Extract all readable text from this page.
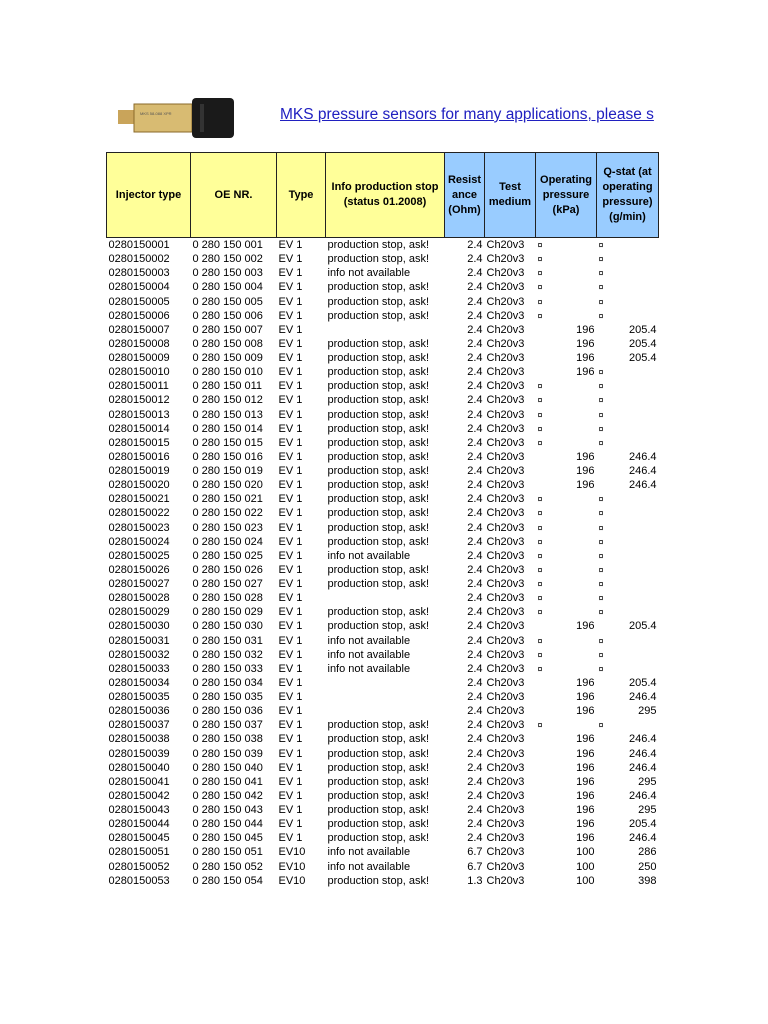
MKS 58-088 XPR	MKS pressure sensors for many applications, please s
Injector type	OE NR.	Type	Info production stop (status 01.2008)	Resist ance (Ohm)	Test medium	Operating pressure (kPa)	Q-stat (at operating pressure) (g/min)
0280150001	0 280 150 001	EV 1	production stop, ask!	2.4	Ch20v3	¤	¤
0280150002	0 280 150 002	EV 1	production stop, ask!	2.4	Ch20v3	¤	¤
0280150003	0 280 150 003	EV 1	info not available	2.4	Ch20v3	¤	¤
0280150004	0 280 150 004	EV 1	production stop, ask!	2.4	Ch20v3	¤	¤
0280150005	0 280 150 005	EV 1	production stop, ask!	2.4	Ch20v3	¤	¤
0280150006	0 280 150 006	EV 1	production stop, ask!	2.4	Ch20v3	¤	¤
0280150007	0 280 150 007	EV 1		2.4	Ch20v3	196	205.4
0280150008	0 280 150 008	EV 1	production stop, ask!	2.4	Ch20v3	196	205.4
0280150009	0 280 150 009	EV 1	production stop, ask!	2.4	Ch20v3	196	205.4
0280150010	0 280 150 010	EV 1	production stop, ask!	2.4	Ch20v3	196	¤
0280150011	0 280 150 011	EV 1	production stop, ask!	2.4	Ch20v3	¤	¤
0280150012	0 280 150 012	EV 1	production stop, ask!	2.4	Ch20v3	¤	¤
0280150013	0 280 150 013	EV 1	production stop, ask!	2.4	Ch20v3	¤	¤
0280150014	0 280 150 014	EV 1	production stop, ask!	2.4	Ch20v3	¤	¤
0280150015	0 280 150 015	EV 1	production stop, ask!	2.4	Ch20v3	¤	¤
0280150016	0 280 150 016	EV 1	production stop, ask!	2.4	Ch20v3	196	246.4
0280150019	0 280 150 019	EV 1	production stop, ask!	2.4	Ch20v3	196	246.4
0280150020	0 280 150 020	EV 1	production stop, ask!	2.4	Ch20v3	196	246.4
0280150021	0 280 150 021	EV 1	production stop, ask!	2.4	Ch20v3	¤	¤
0280150022	0 280 150 022	EV 1	production stop, ask!	2.4	Ch20v3	¤	¤
0280150023	0 280 150 023	EV 1	production stop, ask!	2.4	Ch20v3	¤	¤
0280150024	0 280 150 024	EV 1	production stop, ask!	2.4	Ch20v3	¤	¤
0280150025	0 280 150 025	EV 1	info not available	2.4	Ch20v3	¤	¤
0280150026	0 280 150 026	EV 1	production stop, ask!	2.4	Ch20v3	¤	¤
0280150027	0 280 150 027	EV 1	production stop, ask!	2.4	Ch20v3	¤	¤
0280150028	0 280 150 028	EV 1		2.4	Ch20v3	¤	¤
0280150029	0 280 150 029	EV 1	production stop, ask!	2.4	Ch20v3	¤	¤
0280150030	0 280 150 030	EV 1	production stop, ask!	2.4	Ch20v3	196	205.4
0280150031	0 280 150 031	EV 1	info not available	2.4	Ch20v3	¤	¤
0280150032	0 280 150 032	EV 1	info not available	2.4	Ch20v3	¤	¤
0280150033	0 280 150 033	EV 1	info not available	2.4	Ch20v3	¤	¤
0280150034	0 280 150 034	EV 1		2.4	Ch20v3	196	205.4
0280150035	0 280 150 035	EV 1		2.4	Ch20v3	196	246.4
0280150036	0 280 150 036	EV 1		2.4	Ch20v3	196	295
0280150037	0 280 150 037	EV 1	production stop, ask!	2.4	Ch20v3	¤	¤
0280150038	0 280 150 038	EV 1	production stop, ask!	2.4	Ch20v3	196	246.4
0280150039	0 280 150 039	EV 1	production stop, ask!	2.4	Ch20v3	196	246.4
0280150040	0 280 150 040	EV 1	production stop, ask!	2.4	Ch20v3	196	246.4
0280150041	0 280 150 041	EV 1	production stop, ask!	2.4	Ch20v3	196	295
0280150042	0 280 150 042	EV 1	production stop, ask!	2.4	Ch20v3	196	246.4
0280150043	0 280 150 043	EV 1	production stop, ask!	2.4	Ch20v3	196	295
0280150044	0 280 150 044	EV 1	production stop, ask!	2.4	Ch20v3	196	205.4
0280150045	0 280 150 045	EV 1	production stop, ask!	2.4	Ch20v3	196	246.4
0280150051	0 280 150 051	EV10	info not available	6.7	Ch20v3	100	286
0280150052	0 280 150 052	EV10	info not available	6.7	Ch20v3	100	250
0280150053	0 280 150 054	EV10	production stop, ask!	1.3	Ch20v3	100	398
